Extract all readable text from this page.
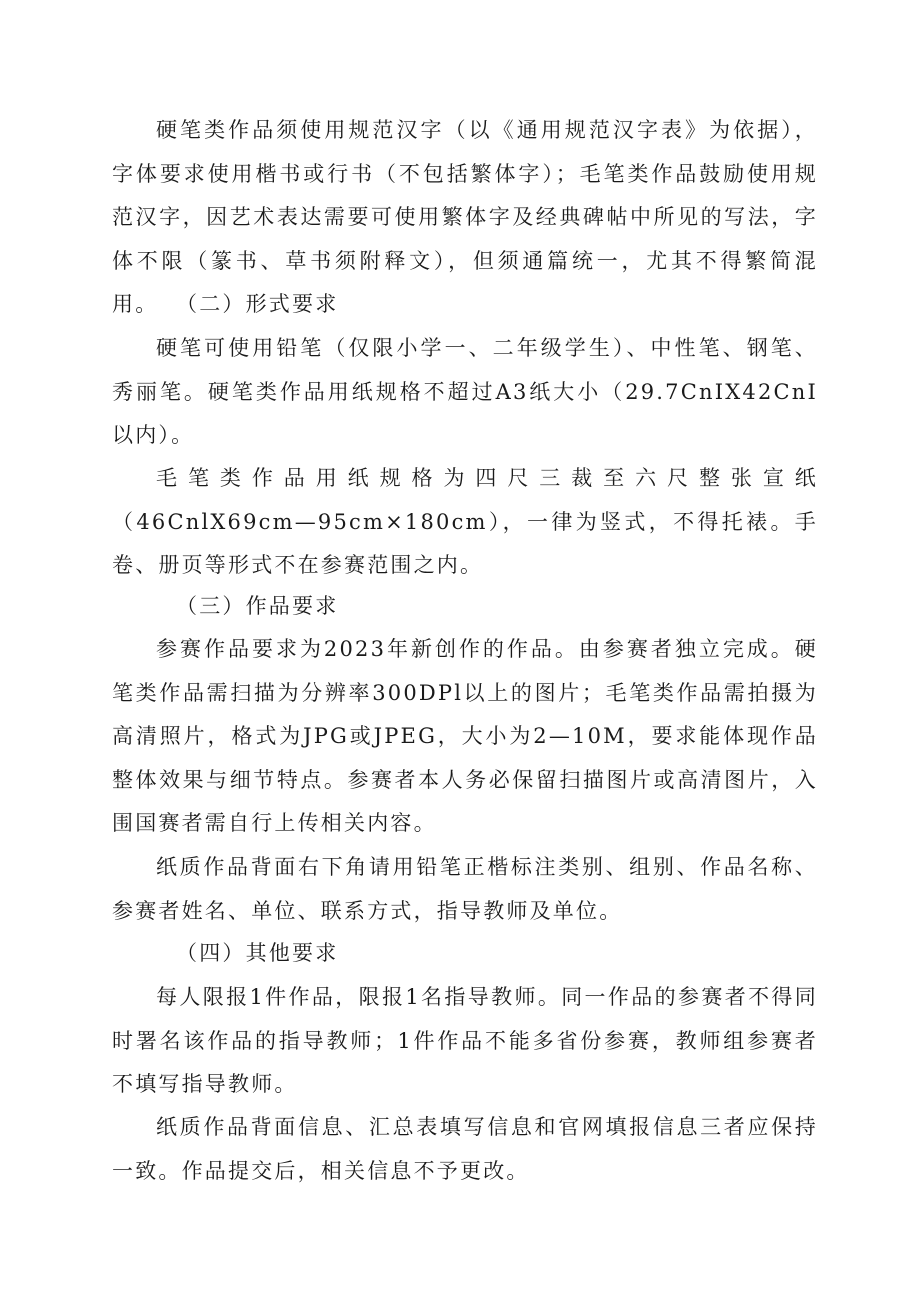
硬笔类作品须使用规范汉字（以《通用规范汉字表》为依据），字体要求使用楷书或行书（不包括繁体字）；毛笔类作品鼓励使用规范汉字，因艺术表达需要可使用繁体字及经典碑帖中所见的写法，字体不限（篆书、草书须附释文），但须通篇统一，尤其不得繁简混用。 （二）形式要求

硬笔可使用铅笔（仅限小学一、二年级学生）、中性笔、钢笔、秀丽笔。硬笔类作品用纸规格不超过A3纸大小（29.7CnIX42CnI以内）。

毛笔类作品用纸规格为四尺三裁至六尺整张宣纸（46CnlX69cm—95cm×180cm），一律为竖式，不得托裱。手卷、册页等形式不在参赛范围之内。

（三）作品要求

参赛作品要求为2023年新创作的作品。由参赛者独立完成。硬笔类作品需扫描为分辨率300DPl以上的图片；毛笔类作品需拍摄为高清照片，格式为JPG或JPEG，大小为2—10M，要求能体现作品整体效果与细节特点。参赛者本人务必保留扫描图片或高清图片，入围国赛者需自行上传相关内容。

纸质作品背面右下角请用铅笔正楷标注类别、组别、作品名称、参赛者姓名、单位、联系方式，指导教师及单位。

（四）其他要求

每人限报1件作品，限报1名指导教师。同一作品的参赛者不得同时署名该作品的指导教师；1件作品不能多省份参赛，教师组参赛者不填写指导教师。

纸质作品背面信息、汇总表填写信息和官网填报信息三者应保持一致。作品提交后，相关信息不予更改。
